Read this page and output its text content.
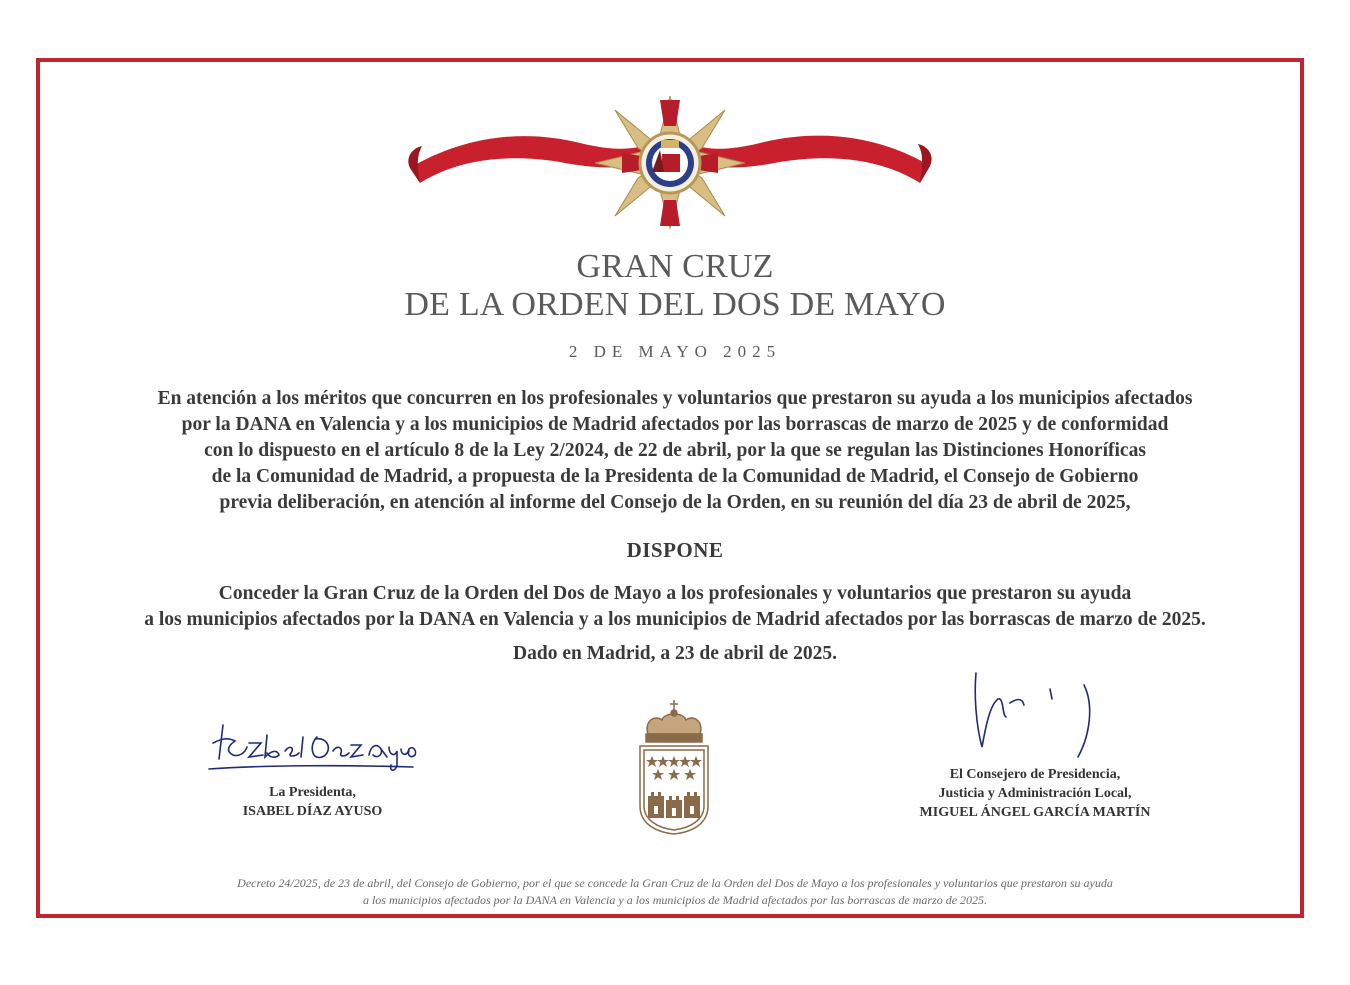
GRAN CRUZ
DE LA ORDEN DEL DOS DE MAYO
2 DE MAYO 2025
En atención a los méritos que concurren en los profesionales y voluntarios que prestaron su ayuda a los municipios afectados
por la DANA en Valencia y a los municipios de Madrid afectados por las borrascas de marzo de 2025 y de conformidad
con lo dispuesto en el artículo 8 de la Ley 2/2024, de 22 de abril, por la que se regulan las Distinciones Honoríficas
de la Comunidad de Madrid, a propuesta de la Presidenta de la Comunidad de Madrid, el Consejo de Gobierno
previa deliberación, en atención al informe del Consejo de la Orden, en su reunión del día 23 de abril de 2025,
DISPONE
Conceder la Gran Cruz de la Orden del Dos de Mayo a los profesionales y voluntarios que prestaron su ayuda
a los municipios afectados por la DANA en Valencia y a los municipios de Madrid afectados por las borrascas de marzo de 2025.
Dado en Madrid, a 23 de abril de 2025.
La Presidenta,
ISABEL DÍAZ AYUSO
El Consejero de Presidencia,
Justicia y Administración Local,
MIGUEL ÁNGEL GARCÍA MARTÍN
Decreto 24/2025, de 23 de abril, del Consejo de Gobierno, por el que se concede la Gran Cruz de la Orden del Dos de Mayo a los profesionales y voluntarios que prestaron su ayuda
a los municipios afectados por la DANA en Valencia y a los municipios de Madrid afectados por las borrascas de marzo de 2025.
